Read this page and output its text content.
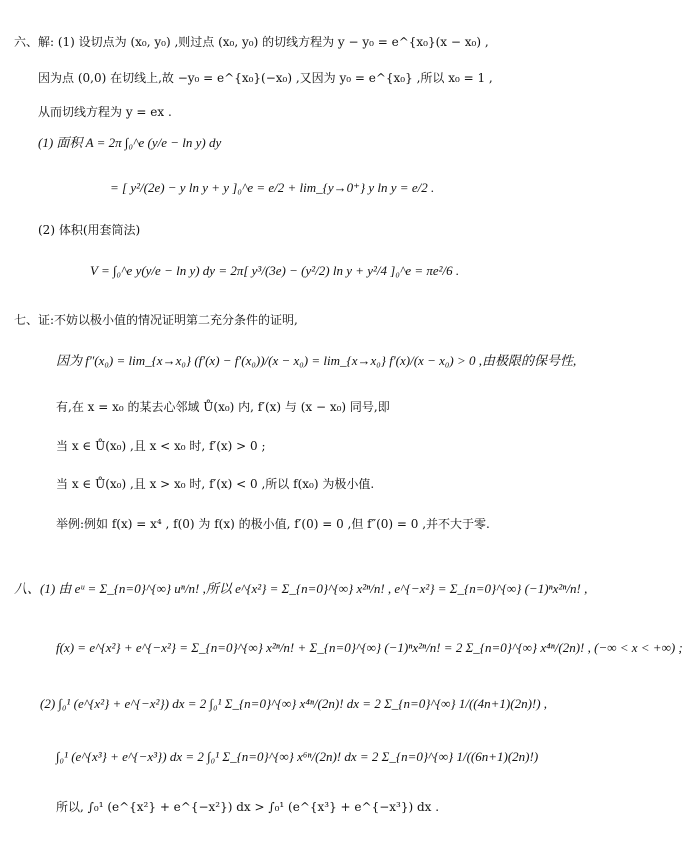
六、解: (1) 设切点为 (x₀, y₀) ,则过点 (x₀, y₀) 的切线方程为 y − y₀ = e^{x₀}(x − x₀) ,
因为点 (0,0) 在切线上,故 −y₀ = e^{x₀}(−x₀) ,又因为 y₀ = e^{x₀} ,所以 x₀ = 1 ,
从而切线方程为 y = ex .
(1) 面积 A = 2π ∫₀^e (y/e − ln y) dy
= [ y²/(2e) − y ln y + y ]₀^e = e/2 + lim_{y→0⁺} y ln y = e/2 .
(2) 体积(用套筒法)
V = ∫₀^e y(y/e − ln y) dy = 2π[ y³/(3e) − (y²/2) ln y + y²/4 ]₀^e = πe²/6 .
七、证:不妨以极小值的情况证明第二充分条件的证明,
因为 f″(x₀) = lim_{x→x₀} (f′(x) − f′(x₀))/(x − x₀) = lim_{x→x₀} f′(x)/(x − x₀) > 0 ,由极限的保号性,
有,在 x = x₀ 的某去心邻域 Ů(x₀) 内, f′(x) 与 (x − x₀) 同号,即
当 x ∈ Ů(x₀) ,且 x < x₀ 时, f′(x) > 0 ;
当 x ∈ Ů(x₀) ,且 x > x₀ 时, f′(x) < 0 ,所以 f(x₀) 为极小值.
举例:例如 f(x) = x⁴ , f(0) 为 f(x) 的极小值, f′(0) = 0 ,但 f″(0) = 0 ,并不大于零.
八、(1) 由 eᵘ = Σ_{n=0}^{∞} uⁿ/n! ,所以 e^{x²} = Σ_{n=0}^{∞} x²ⁿ/n! , e^{−x²} = Σ_{n=0}^{∞} (−1)ⁿx²ⁿ/n! ,
f(x) = e^{x²} + e^{−x²} = Σ_{n=0}^{∞} x²ⁿ/n! + Σ_{n=0}^{∞} (−1)ⁿx²ⁿ/n! = 2 Σ_{n=0}^{∞} x⁴ⁿ/(2n)! , (−∞ < x < +∞) ;
(2) ∫₀¹ (e^{x²} + e^{−x²}) dx = 2 ∫₀¹ Σ_{n=0}^{∞} x⁴ⁿ/(2n)! dx = 2 Σ_{n=0}^{∞} 1/((4n+1)(2n)!) ,
∫₀¹ (e^{x³} + e^{−x³}) dx = 2 ∫₀¹ Σ_{n=0}^{∞} x⁶ⁿ/(2n)! dx = 2 Σ_{n=0}^{∞} 1/((6n+1)(2n)!)
所以, ∫₀¹ (e^{x²} + e^{−x²}) dx > ∫₀¹ (e^{x³} + e^{−x³}) dx .
